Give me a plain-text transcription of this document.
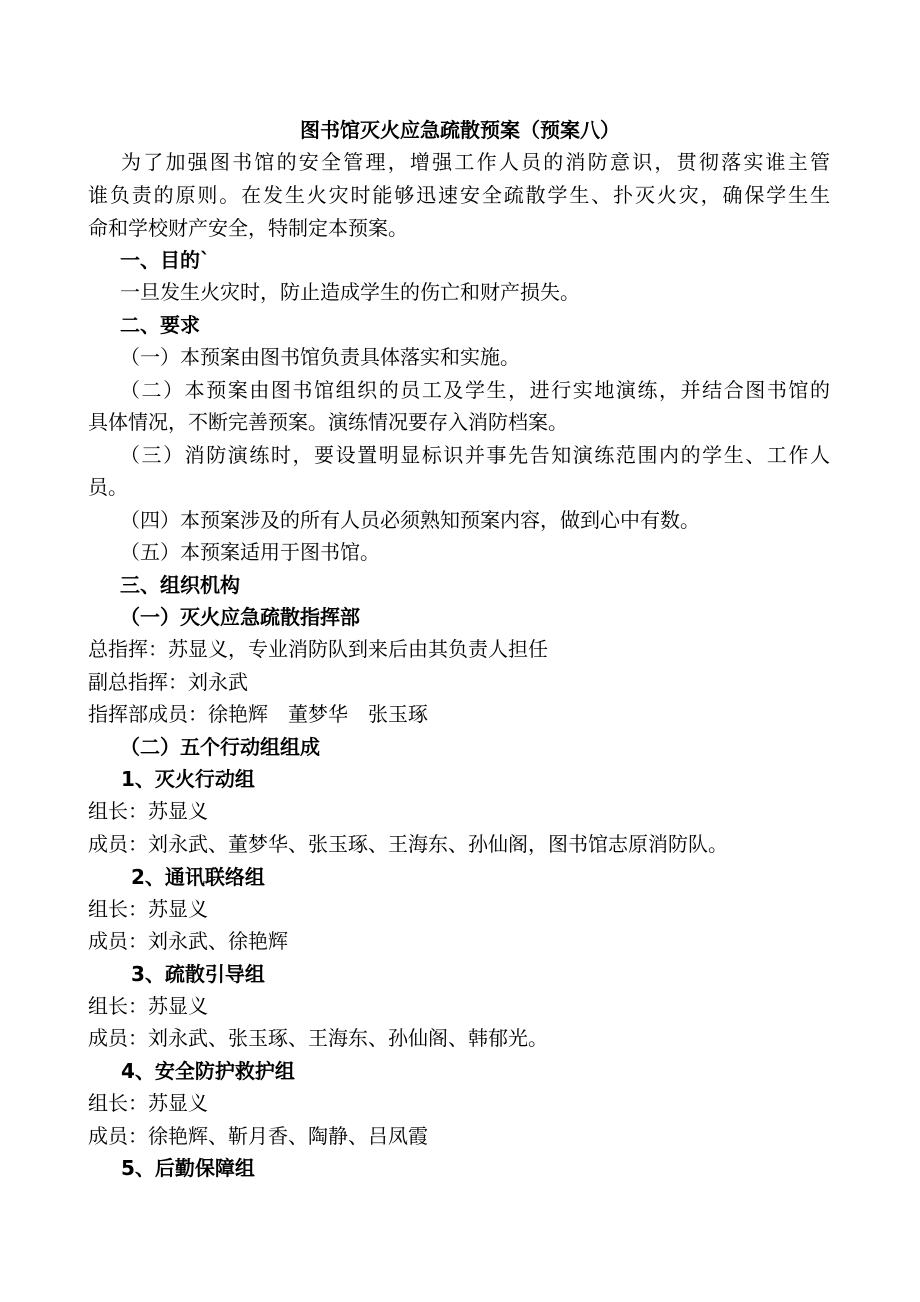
图书馆灭火应急疏散预案（预案八）
为了加强图书馆的安全管理，增强工作人员的消防意识，贯彻落实谁主管
谁负责的原则。在发生火灾时能够迅速安全疏散学生、扑灭火灾，确保学生生
命和学校财产安全，特制定本预案。
一、目的`
一旦发生火灾时，防止造成学生的伤亡和财产损失。
二、要求
（一）本预案由图书馆负责具体落实和实施。
（二）本预案由图书馆组织的员工及学生，进行实地演练，并结合图书馆的
具体情况，不断完善预案。演练情况要存入消防档案。
（三）消防演练时，要设置明显标识并事先告知演练范围内的学生、工作人
员。
（四）本预案涉及的所有人员必须熟知预案内容，做到心中有数。
（五）本预案适用于图书馆。
三、组织机构
（一）灭火应急疏散指挥部
总指挥：苏显义，专业消防队到来后由其负责人担任
副总指挥：刘永武
指挥部成员：徐艳辉　董梦华　张玉琢
（二）五个行动组组成
1、灭火行动组
组长：苏显义
成员：刘永武、董梦华、张玉琢、王海东、孙仙阁，图书馆志原消防队。
2、通讯联络组
组长：苏显义
成员：刘永武、徐艳辉
3、疏散引导组
组长：苏显义
成员：刘永武、张玉琢、王海东、孙仙阁、韩郁光。
4、安全防护救护组
组长：苏显义
成员：徐艳辉、靳月香、陶静、吕凤霞
5、后勤保障组
